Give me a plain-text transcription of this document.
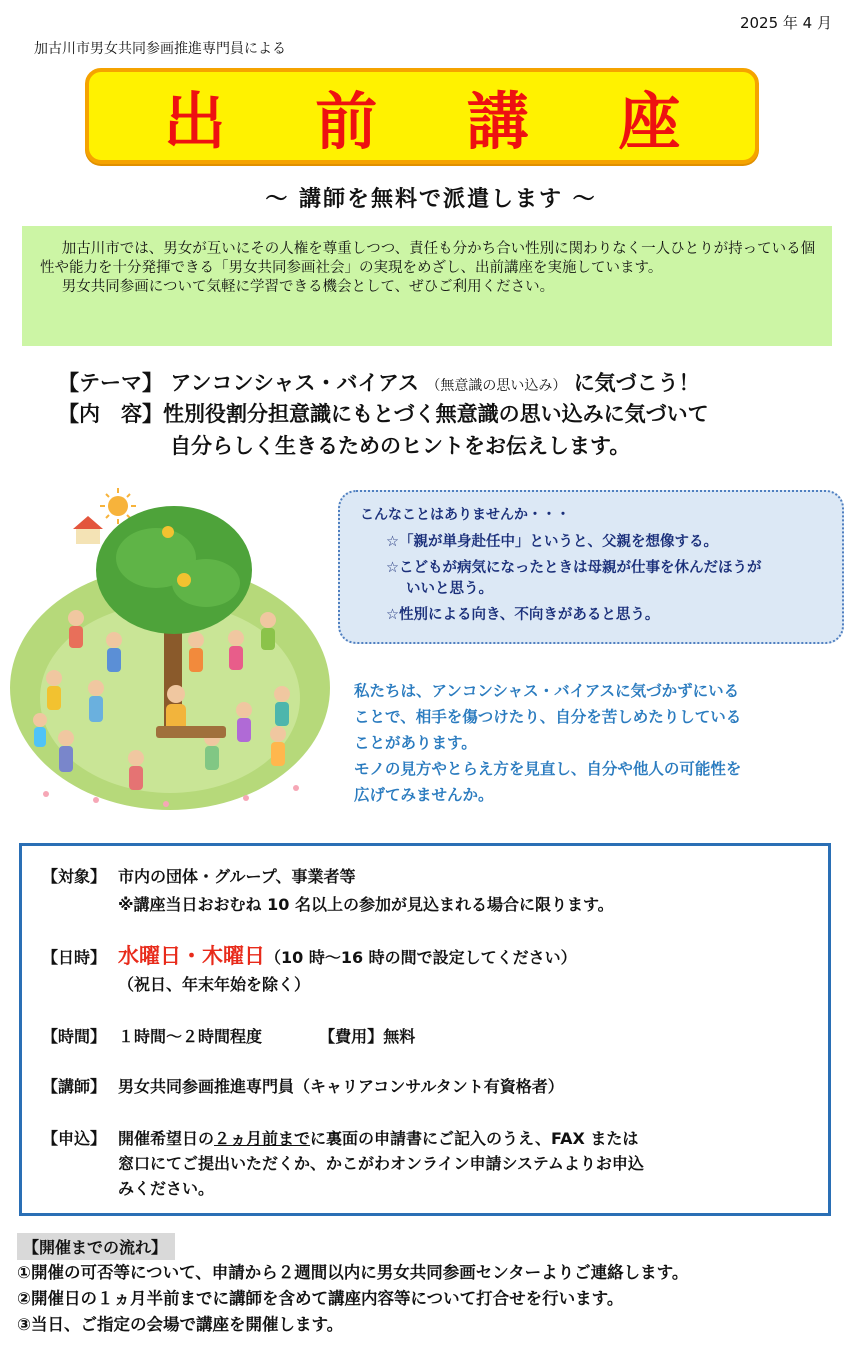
2025 年 4 月
加古川市男女共同参画推進専門員による
出 前 講 座
～ 講師を無料で派遣します ～

加古川市では、男女が互いにその人権を尊重しつつ、責任も分かち合い性別に関わりなく一人ひとりが持っている個性や能力を十分発揮できる「男女共同参画社会」の実現をめざし、出前講座を実施しています。

男女共同参画について気軽に学習できる機会として、ぜひご利用ください。

【テーマ】 アンコンシャス・バイアス （無意識の思い込み） に気づこう！
【内　容】性別役割分担意識にもとづく無意識の思い込みに気づいて
自分らしく生きるためのヒントをお伝えします。

こんなことはありませんか・・・

☆「親が単身赴任中」というと、父親を想像する。
☆こどもが病気になったときは母親が仕事を休んだほうが
いいと思う。
☆性別による向き、不向きがあると思う。
私たちは、アンコンシャス・バイアスに気づかずにいる
ことで、相手を傷つけたり、自分を苦しめたりしている
ことがあります。
モノの見方やとらえ方を見直し、自分や他人の可能性を
広げてみませんか。
【対象】 市内の団体・グループ、事業者等
※講座当日おおむね 10 名以上の参加が見込まれる場合に限ります。
【日時】 水曜日・木曜日（10 時～16 時の間で設定してください）
（祝日、年末年始を除く）
【時間】 １時間～２時間程度	【費用】無料
【講師】 男女共同参画推進専門員（キャリアコンサルタント有資格者）
【申込】 開催希望日の２ヵ月前までに裏面の申請書にご記入のうえ、FAX または
窓口にてご提出いただくか、かこがわオンライン申請システムよりお申込
みください。
【開催までの流れ】
①開催の可否等について、申請から２週間以内に男女共同参画センターよりご連絡します。
②開催日の１ヵ月半前までに講師を含めて講座内容等について打合せを行います。
③当日、ご指定の会場で講座を開催します。
